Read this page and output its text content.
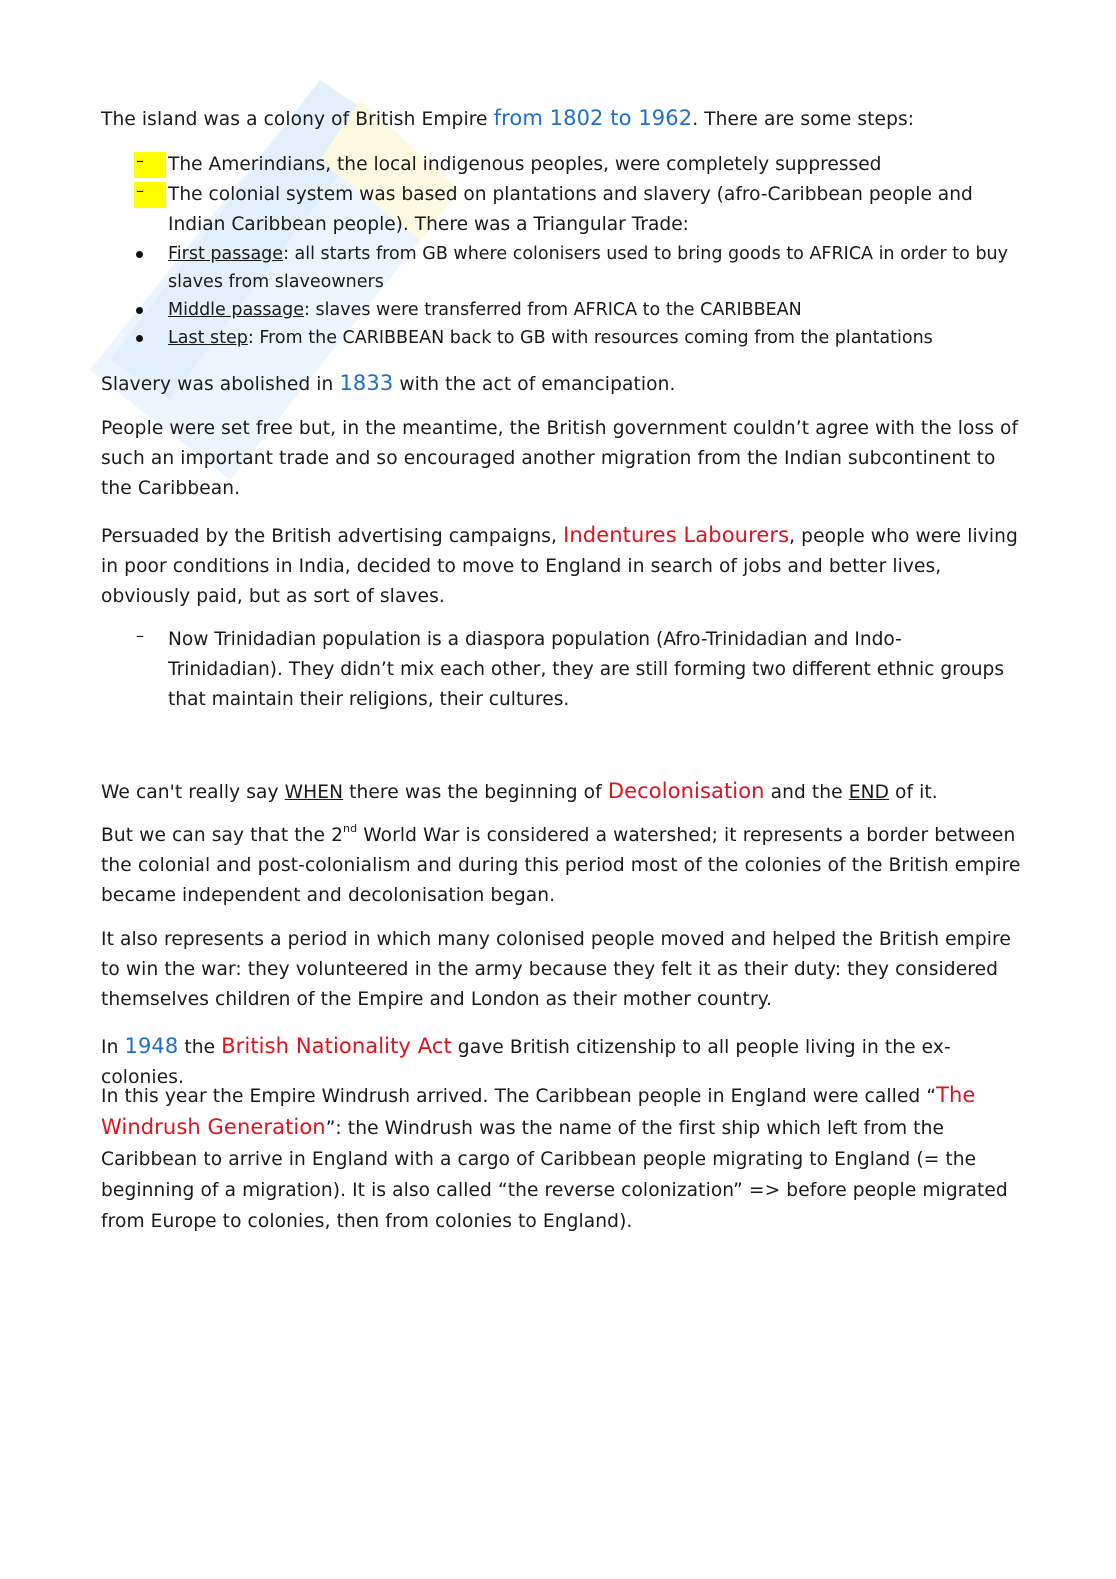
The island was a colony of British Empire from 1802 to 1962. There are some steps:
– The Amerindians, the local indigenous peoples, were completely suppressed
– The colonial system was based on plantations and slavery (afro-Caribbean people and Indian Caribbean people). There was a Triangular Trade:
First passage: all starts from GB where colonisers used to bring goods to AFRICA in order to buy slaves from slaveowners
Middle passage: slaves were transferred from AFRICA to the CARIBBEAN
Last step: From the CARIBBEAN back to GB with resources coming from the plantations
Slavery was abolished in 1833 with the act of emancipation.
People were set free but, in the meantime, the British government couldn’t agree with the loss of such an important trade and so encouraged another migration from the Indian subcontinent to the Caribbean.
Persuaded by the British advertising campaigns, Indentures Labourers, people who were living in poor conditions in India, decided to move to England in search of jobs and better lives, obviously paid, but as sort of slaves.
– Now Trinidadian population is a diaspora population (Afro-Trinidadian and Indo-Trinidadian). They didn’t mix each other, they are still forming two different ethnic groups that maintain their religions, their cultures.
We can't really say WHEN there was the beginning of Decolonisation and the END of it.
But we can say that the 2nd World War is considered a watershed; it represents a border between the colonial and post-colonialism and during this period most of the colonies of the British empire became independent and decolonisation began.
It also represents a period in which many colonised people moved and helped the British empire to win the war: they volunteered in the army because they felt it as their duty: they considered themselves children of the Empire and London as their mother country.
In 1948 the British Nationality Act gave British citizenship to all people living in the ex- colonies.
In this year the Empire Windrush arrived. The Caribbean people in England were called “The Windrush Generation”: the Windrush was the name of the first ship which left from the Caribbean to arrive in England with a cargo of Caribbean people migrating to England (= the beginning of a migration). It is also called “the reverse colonization” => before people migrated from Europe to colonies, then from colonies to England).
